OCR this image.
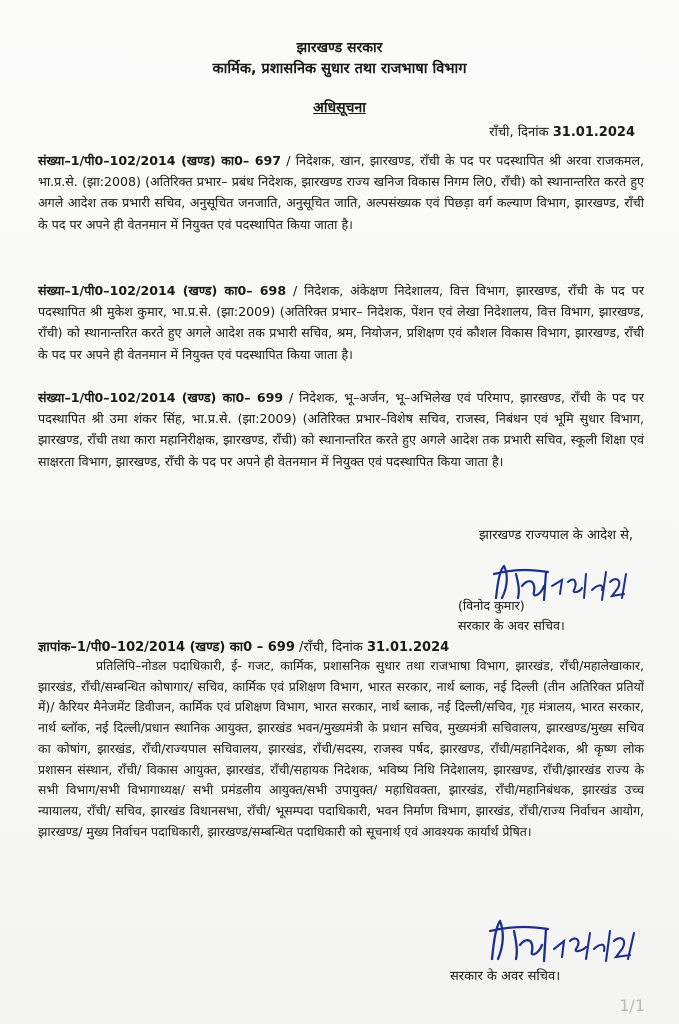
झारखण्ड सरकार
कार्मिक, प्रशासनिक सुधार तथा राजभाषा विभाग
अधिसूचना
राँची, दिनांक 31.01.2024

संख्या–1/पी0–102/2014 (खण्ड) का0– 697 / निदेशक, खान, झारखण्ड, राँची के पद पर पदस्थापित श्री अरवा राजकमल, भा.प्र.से. (झा:2008) (अतिरिक्त प्रभार– प्रबंध निदेशक, झारखण्ड राज्य खनिज विकास निगम लि0, राँची) को स्थानान्तरित करते हुए अगले आदेश तक प्रभारी सचिव, अनुसूचित जनजाति, अनुसूचित जाति, अल्पसंख्यक एवं पिछड़ा वर्ग कल्याण विभाग, झारखण्ड, राँची के पद पर अपने ही वेतनमान में नियुक्त एवं पदस्थापित किया जाता है।

संख्या–1/पी0–102/2014 (खण्ड) का0– 698 / निदेशक, अंकेक्षण निदेशालय, वित्त विभाग, झारखण्ड, राँची के पद पर पदस्थापित श्री मुकेश कुमार, भा.प्र.से. (झा:2009) (अतिरिक्त प्रभार– निदेशक, पेंशन एवं लेखा निदेशालय, वित्त विभाग, झारखण्ड, राँची) को स्थानान्तरित करते हुए अगले आदेश तक प्रभारी सचिव, श्रम, नियोजन, प्रशिक्षण एवं कौशल विकास विभाग, झारखण्ड, राँची के पद पर अपने ही वेतनमान में नियुक्त एवं पदस्थापित किया जाता है।

संख्या–1/पी0–102/2014 (खण्ड) का0– 699 / निदेशक, भू–अर्जन, भू–अभिलेख एवं परिमाप, झारखण्ड, राँची के पद पर पदस्थापित श्री उमा शंकर सिंह, भा.प्र.से. (झा:2009) (अतिरिक्त प्रभार–विशेष सचिव, राजस्व, निबंधन एवं भूमि सुधार विभाग, झारखण्ड, राँची तथा कारा महानिरीक्षक, झारखण्ड, राँची) को स्थानान्तरित करते हुए अगले आदेश तक प्रभारी सचिव, स्कूली शिक्षा एवं साक्षरता विभाग, झारखण्ड, राँची के पद पर अपने ही वेतनमान में नियुक्त एवं पदस्थापित किया जाता है।

झारखण्ड राज्यपाल के आदेश से,
(विनोद कुमार)
सरकार के अवर सचिव।
ज्ञापांक–1/पी0–102/2014 (खण्ड) का0 – 699 /राँची, दिनांक 31.01.2024

प्रतिलिपि–नोडल पदाधिकारी, ई- गजट, कार्मिक, प्रशासनिक सुधार तथा राजभाषा विभाग, झारखंड, राँची/महालेखाकार, झारखंड, राँची/सम्बन्धित कोषागार/ सचिव, कार्मिक एवं प्रशिक्षण विभाग, भारत सरकार, नार्थ ब्लाक, नई दिल्ली (तीन अतिरिक्त प्रतियों में)/ कैरियर मैनेजमेंट डिवीजन, कार्मिक एवं प्रशिक्षण विभाग, भारत सरकार, नार्थ ब्लाक, नई दिल्ली/सचिव, गृह मंत्रालय, भारत सरकार, नार्थ ब्लॉक, नई दिल्ली/प्रधान स्थानिक आयुक्त, झारखंड भवन/मुख्यमंत्री के प्रधान सचिव, मुख्यमंत्री सचिवालय, झारखण्ड/मुख्य सचिव का कोषांग, झारखंड, राँची/राज्यपाल सचिवालय, झारखंड, राँची/सदस्य, राजस्व पर्षद, झारखण्ड, राँची/महानिदेशक, श्री कृष्ण लोक प्रशासन संस्थान, राँची/ विकास आयुक्त, झारखंड, राँची/सहायक निदेशक, भविष्य निधि निदेशालय, झारखण्ड, राँची/झारखंड राज्य के सभी विभाग/सभी विभागाध्यक्ष/ सभी प्रमंडलीय आयुक्त/सभी उपायुक्त/ महाधिवक्ता, झारखंड, राँची/महानिबंधक, झारखंड उच्च न्यायालय, राँची/ सचिव, झारखंड विधानसभा, राँची/ भूसम्पदा पदाधिकारी, भवन निर्माण विभाग, झारखंड, राँची/राज्य निर्वाचन आयोग, झारखण्ड/ मुख्य निर्वाचन पदाधिकारी, झारखण्ड/सम्बन्धित पदाधिकारी को सूचनार्थ एवं आवश्यक कार्यार्थ प्रेषित।

सरकार के अवर सचिव।
1/1
